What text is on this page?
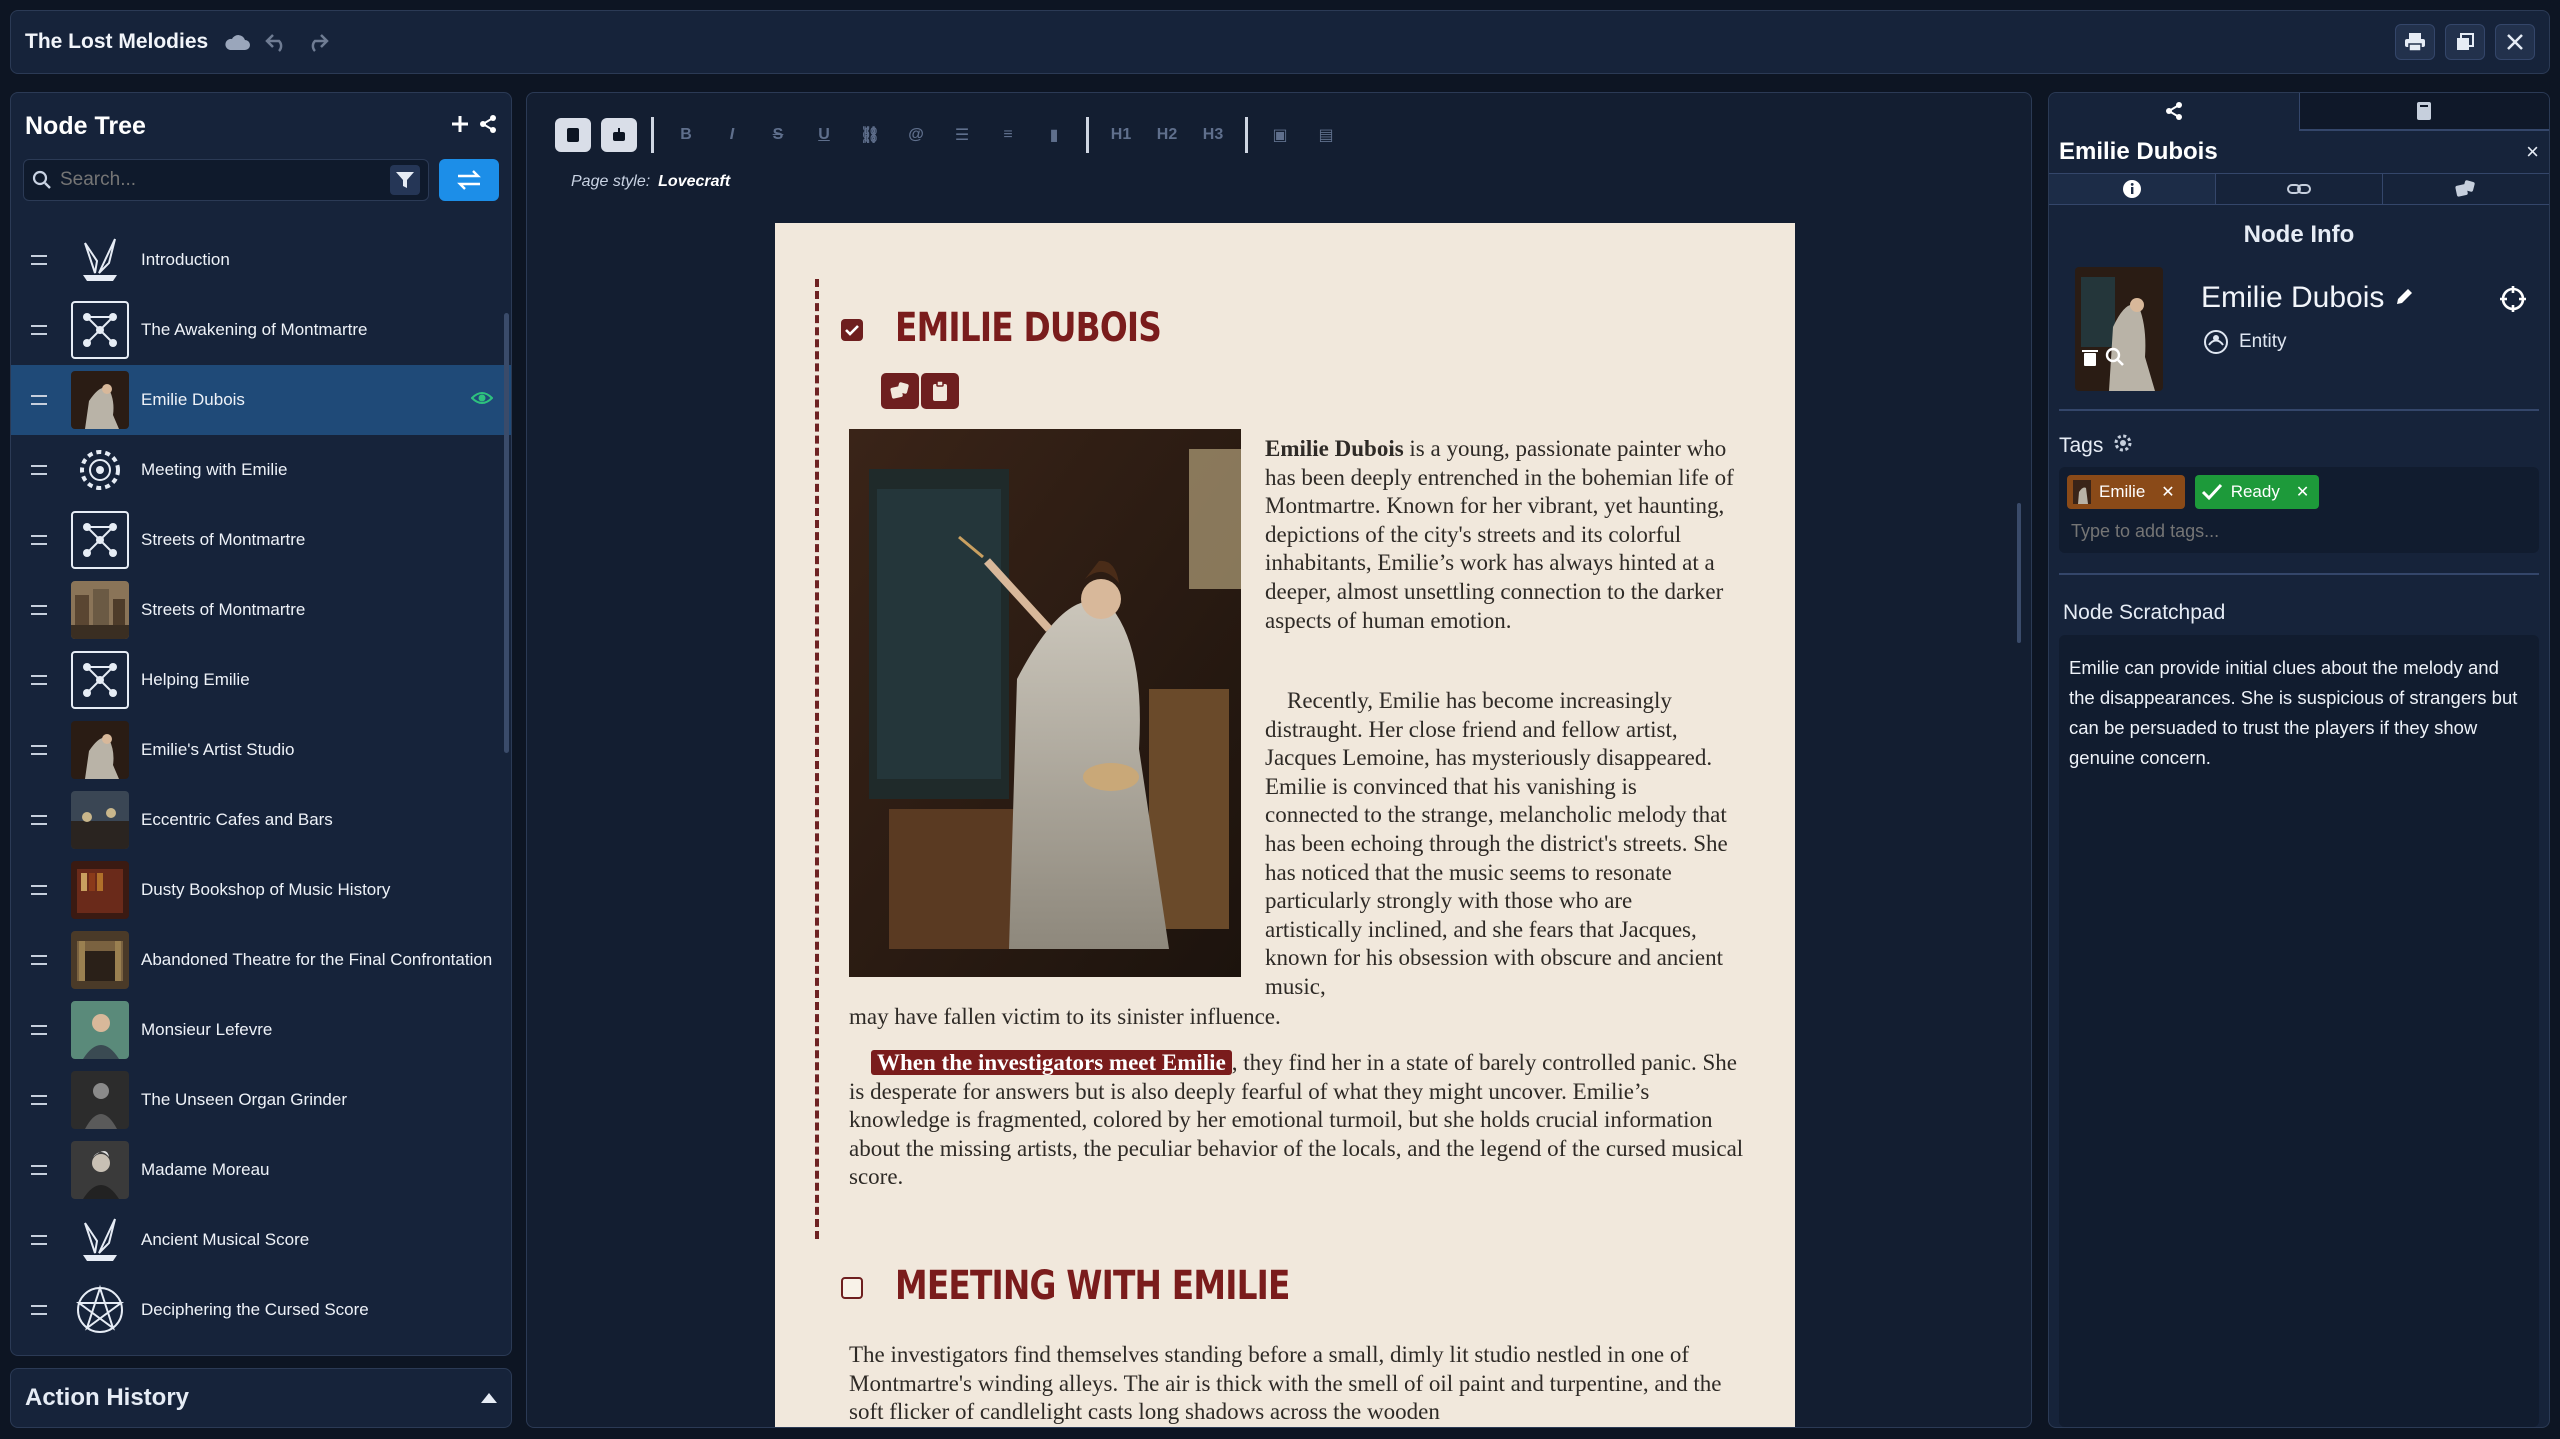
The Lost Melodies
Node Tree
Search...
Introduction
The Awakening of Montmartre
Emilie Dubois
Meeting with Emilie
Streets of Montmartre
Streets of Montmartre
Helping Emilie
Emilie's Artist Studio
Eccentric Cafes and Bars
Dusty Bookshop of Music History
Abandoned Theatre for the Final Confrontation
Monsieur Lefevre
The Unseen Organ Grinder
Madame Moreau
Ancient Musical Score
Deciphering the Cursed Score
Action History
B	I	S	U	⛓ @ ☰ ≡ ▮	H1	H2	H3	▣ ▤
Page style: Lovecraft
EMILIE DUBOIS
Emilie Dubois is a young, passionate painter who has been deeply entrenched in the bohemian life of Montmartre. Known for her vibrant, yet haunting, depictions of the city's streets and its colorful inhabitants, Emilie’s work has always hinted at a deeper, almost unsettling connection to the darker aspects of human emotion.
Recently, Emilie has become increasingly distraught. Her close friend and fellow artist, Jacques Lemoine, has mysteriously disappeared. Emilie is convinced that his vanishing is connected to the strange, melancholic melody that has been echoing through the district's streets. She has noticed that the music seems to resonate particularly strongly with those who are artistically inclined, and she fears that Jacques, known for his obsession with obscure and ancient music,
may have fallen victim to its sinister influence.
When the investigators meet Emilie , they find her in a state of barely controlled panic. She is desperate for answers but is also deeply fearful of what they might uncover. Emilie’s knowledge is fragmented, colored by her emotional turmoil, but she holds crucial information about the missing artists, the peculiar behavior of the locals, and the legend of the cursed musical score.
MEETING WITH EMILIE
The investigators find themselves standing before a small, dimly lit studio nestled in one of Montmartre's winding alleys. The air is thick with the smell of oil paint and turpentine, and the soft flicker of candlelight casts long shadows across the wooden
Emilie Dubois	×
Node Info
Emilie Dubois
Entity
Tags
Emilie ✕	Ready ✕
Type to add tags...
Node Scratchpad
Emilie can provide initial clues about the melody and the disappearances. She is suspicious of strangers but can be persuaded to trust the players if they show genuine concern.
